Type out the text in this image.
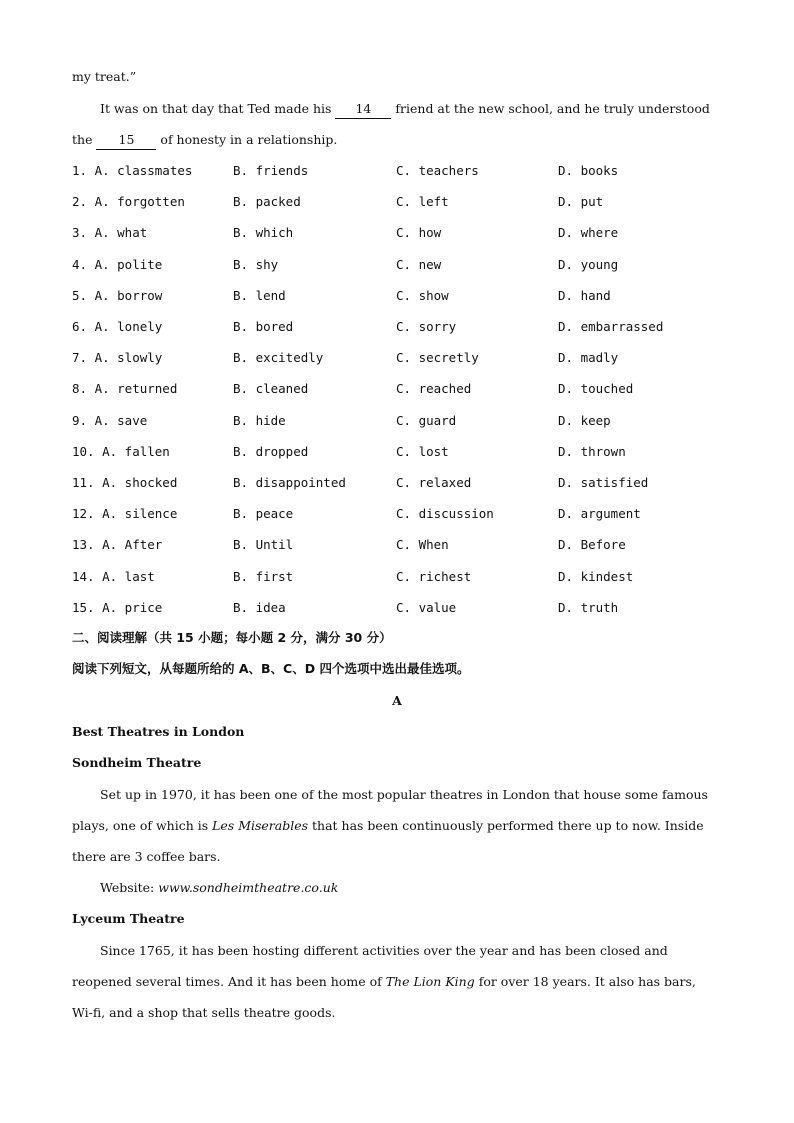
my treat.”
It was on that day that Ted made his 14 friend at the new school, and he truly understood
the 15 of honesty in a relationship.
1. A. classmates	B. friends	C. teachers	D. books
2. A. forgotten	B. packed	C. left	D. put
3. A. what	B. which	C. how	D. where
4. A. polite	B. shy	C. new	D. young
5. A. borrow	B. lend	C. show	D. hand
6. A. lonely	B. bored	C. sorry	D. embarrassed
7. A. slowly	B. excitedly	C. secretly	D. madly
8. A. returned	B. cleaned	C. reached	D. touched
9. A. save	B. hide	C. guard	D. keep
10. A. fallen	B. dropped	C. lost	D. thrown
11. A. shocked	B. disappointed	C. relaxed	D. satisfied
12. A. silence	B. peace	C. discussion	D. argument
13. A. After	B. Until	C. When	D. Before
14. A. last	B. first	C. richest	D. kindest
15. A. price	B. idea	C. value	D. truth
二、阅读理解（共 15 小题；每小题 2 分，满分 30 分）
阅读下列短文，从每题所给的 A、B、C、D 四个选项中选出最佳选项。
A
Best Theatres in London
Sondheim Theatre
Set up in 1970, it has been one of the most popular theatres in London that house some famous
plays, one of which is Les Miserables that has been continuously performed there up to now. Inside
there are 3 coffee bars.
Website: www.sondheimtheatre.co.uk
Lyceum Theatre
Since 1765, it has been hosting different activities over the year and has been closed and
reopened several times. And it has been home of The Lion King for over 18 years. It also has bars,
Wi-fi, and a shop that sells theatre goods.
